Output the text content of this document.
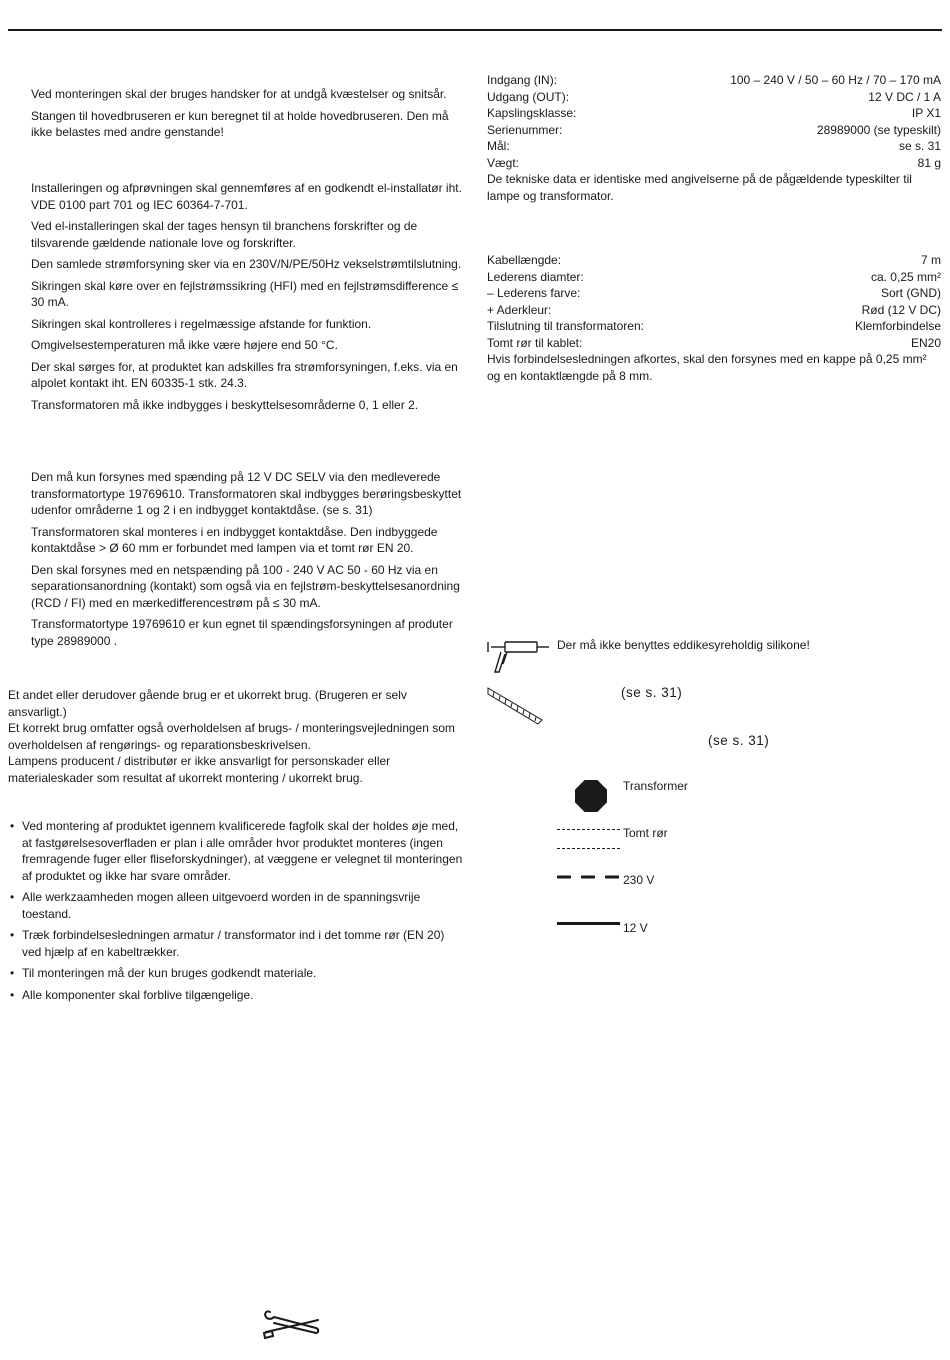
Ved monteringen skal der bruges handsker for at undgå kvæstelser og snitsår.

Stangen til hovedbruseren er kun beregnet til at holde hovedbruseren. Den må ikke belastes med andre genstande!

Installeringen og afprøvningen skal gennemføres af en godkendt el-installatør iht. VDE 0100 part 701 og IEC 60364-7-701.

Ved el-installeringen skal der tages hensyn til branchens forskrifter og de tilsvarende gældende nationale love og forskrifter.

Den samlede strømforsyning sker via en 230V/N/PE/50Hz vekselstrømtilslutning.

Sikringen skal køre over en fejlstrømssikring (HFI) med en fejlstrømsdifference ≤ 30 mA.

Sikringen skal kontrolleres i regelmæssige afstande for funktion.

Omgivelsestemperaturen må ikke være højere end 50 °C.

Der skal sørges for, at produktet kan adskilles fra strømforsyningen, f.eks. via en alpolet kontakt iht. EN 60335-1 stk. 24.3.

Transformatoren må ikke indbygges i beskyttelsesområderne 0, 1 eller 2.

Den må kun forsynes med spænding på 12 V DC SELV via den medleverede transformatortype 19769610. Transformatoren skal indbygges berøringsbeskyttet udenfor områderne 1 og 2 i en indbygget kontaktdåse. (se s. 31)

Transformatoren skal monteres i en indbygget kontaktdåse. Den indbyggede kontaktdåse > Ø 60 mm er forbundet med lampen via et tomt rør EN 20.

Den skal forsynes med en netspænding på 100 - 240 V AC 50 - 60 Hz via en separationsanordning (kontakt) som også via en fejlstrøm-beskyttelsesanordning (RCD / FI) med en mærkedifferencestrøm på ≤ 30 mA.

Transformatortype 19769610 er kun egnet til spændingsforsyningen af produter type 28989000 .

Et andet eller derudover gående brug er et ukorrekt brug. (Brugeren er selv ansvarligt.)
Et korrekt brug omfatter også overholdelsen af brugs- / monteringsvejledningen som overholdelsen af rengørings- og reparationsbeskrivelsen.
Lampens producent / distributør er ikke ansvarligt for personskader eller materialeskader som resultat af ukorrekt montering / ukorrekt brug.
• Ved montering af produktet igennem kvalificerede fagfolk skal der holdes øje med, at fastgørelsesoverfladen er plan i alle områder hvor produktet monteres (ingen fremragende fuger eller fliseforskydninger), at væggene er velegnet til monteringen af produktet og ikke har svare områder.
• Alle werkzaamheden mogen alleen uitgevoerd worden in de spanningsvrije toestand.
• Træk forbindelsesledningen armatur / transformator ind i det tomme rør (EN 20) ved hjælp af en kabeltrækker.
• Til monteringen må der kun bruges godkendt materiale.
• Alle komponenter skal forblive tilgængelige.
Indgang (IN):	100 – 240 V / 50 – 60 Hz / 70 – 170 mA
Udgang (OUT):	12 V DC / 1 A
Kapslingsklasse:	IP X1
Serienummer:	28989000 (se typeskilt)
Mål:	se s. 31
Vægt:	81 g

De tekniske data er identiske med angivelserne på de pågældende typeskilter til lampe og transformator.

Kabellængde:	7 m
Lederens diamter:	ca. 0,25 mm²
– Lederens farve:	Sort (GND)
+ Aderkleur:	Rød (12 V DC)
Tilslutning til transformatoren:	Klemforbindelse
Tomt rør til kablet:	EN20

Hvis forbindelsesledningen afkortes, skal den forsynes med en kappe på 0,25 mm² og en kontaktlængde på 8 mm.

Der må ikke benyttes eddikesyreholdig silikone!
(se s. 31)
(se s. 31)
Transformer
Tomt rør
230 V
12 V
